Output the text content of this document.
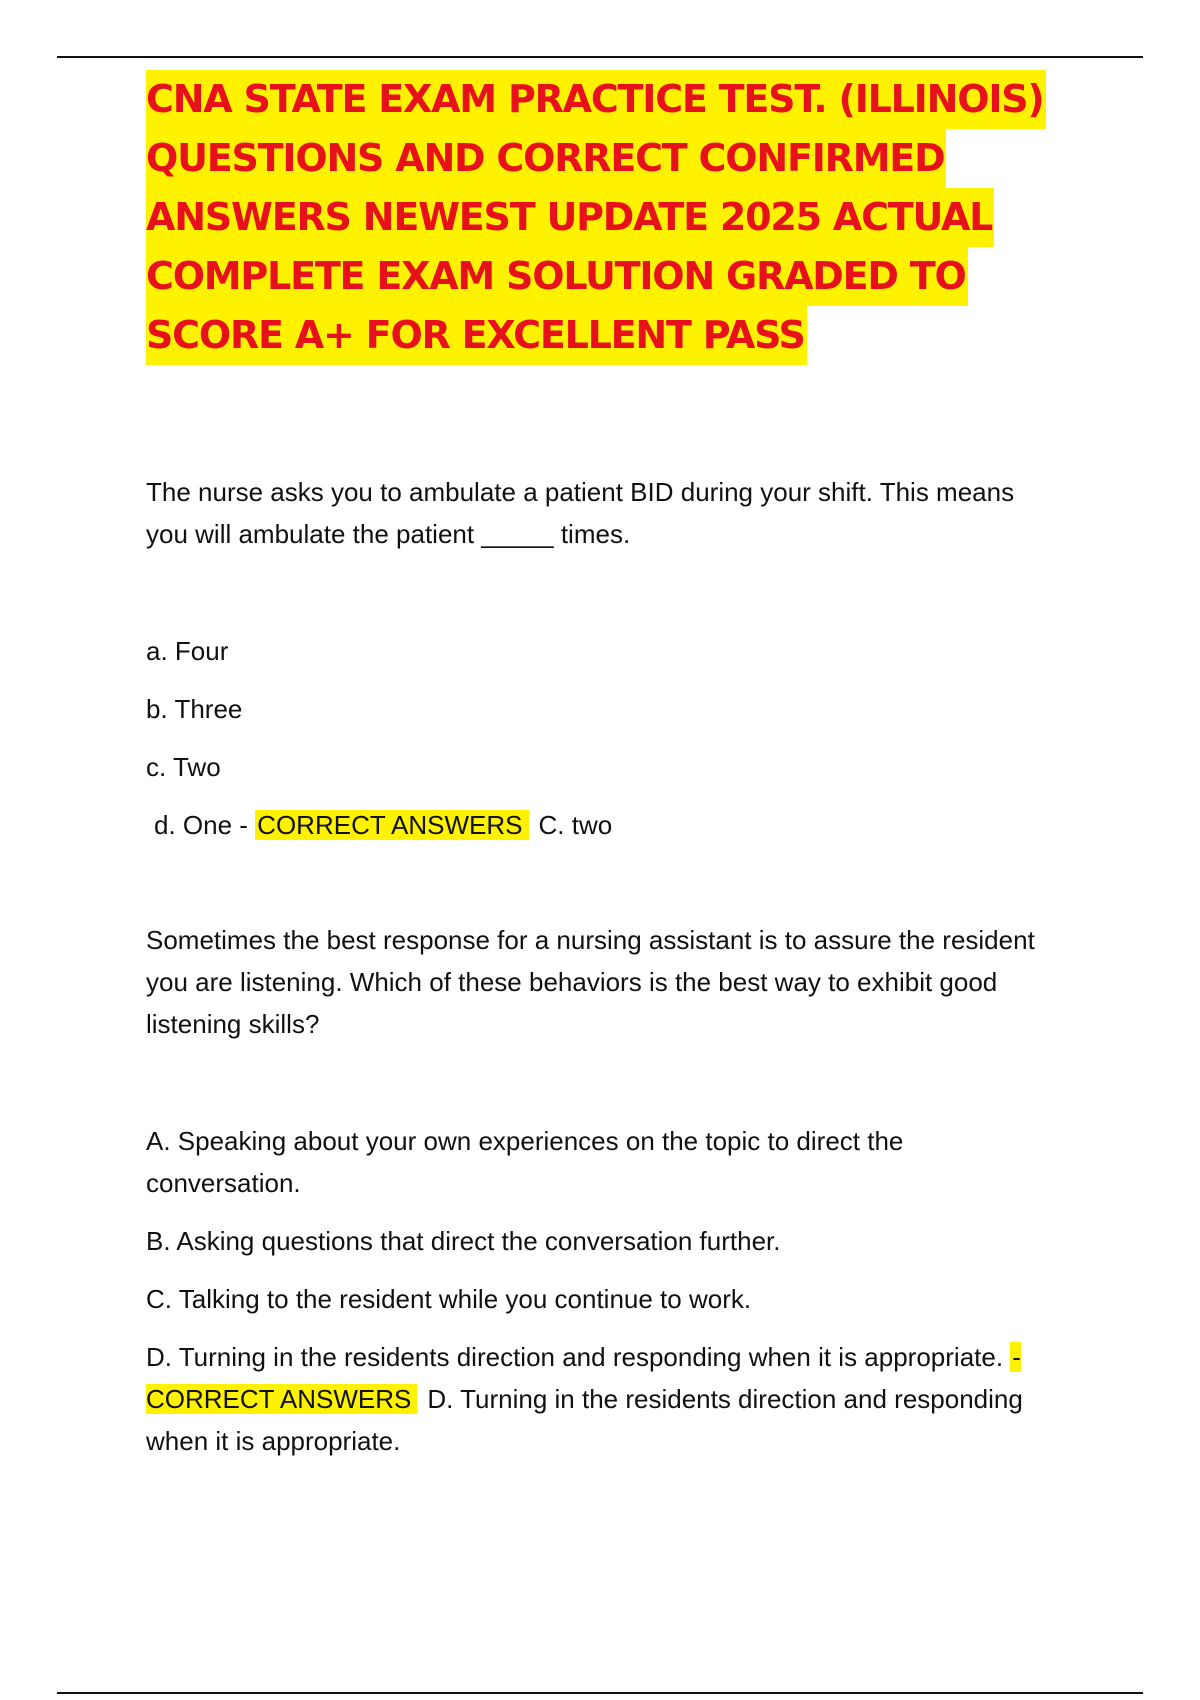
CNA STATE EXAM PRACTICE TEST. (ILLINOIS)
QUESTIONS AND CORRECT CONFIRMED
ANSWERS NEWEST UPDATE 2025 ACTUAL
COMPLETE EXAM SOLUTION GRADED TO
SCORE A+ FOR EXCELLENT PASS

The nurse asks you to ambulate a patient BID during your shift. This means you will ambulate the patient _____ times.

a. Four
b. Three
c. Two
d. One - CORRECT ANSWERS C. two

Sometimes the best response for a nursing assistant is to assure the resident you are listening. Which of these behaviors is the best way to exhibit good listening skills?

A. Speaking about your own experiences on the topic to direct the conversation.
B. Asking questions that direct the conversation further.
C. Talking to the resident while you continue to work.
D. Turning in the residents direction and responding when it is appropriate. - CORRECT ANSWERS D. Turning in the residents direction and responding when it is appropriate.
